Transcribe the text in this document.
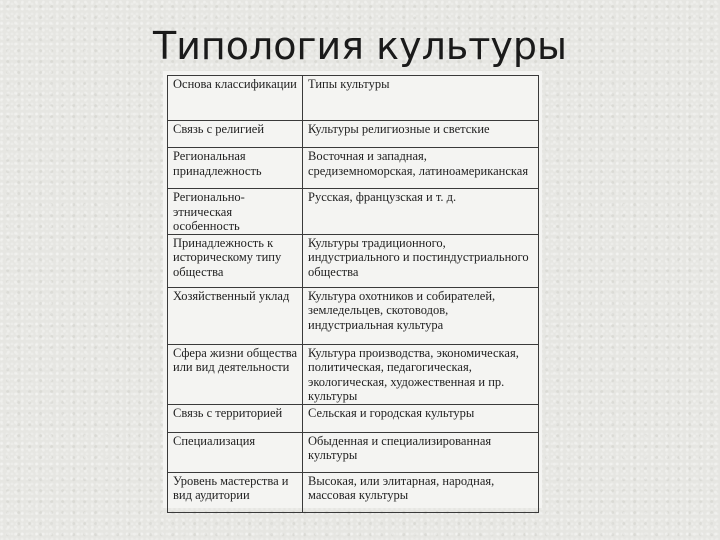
Типология культуры
Основа классификации	Типы культуры
Связь с религией	Культуры религиозные и светские
Региональная принадлежность	Восточная и западная, средиземноморская, латиноамериканская
Регионально-этническая особенность	Русская, французская и т. д.
Принадлежность к историческому типу общества	Культуры традиционного, индустриального и постиндустриального общества
Хозяйственный уклад	Культура охотников и собирателей, земледельцев, скотоводов, индустриальная культура
Сфера жизни общества или вид деятельности	Культура производства, экономическая, политическая, педагогическая, экологическая, художественная и пр. культуры
Связь с территорией	Сельская и городская культуры
Специализация	Обыденная и специализированная культуры
Уровень мастерства и вид аудитории	Высокая, или элитарная, народная, массовая культуры
